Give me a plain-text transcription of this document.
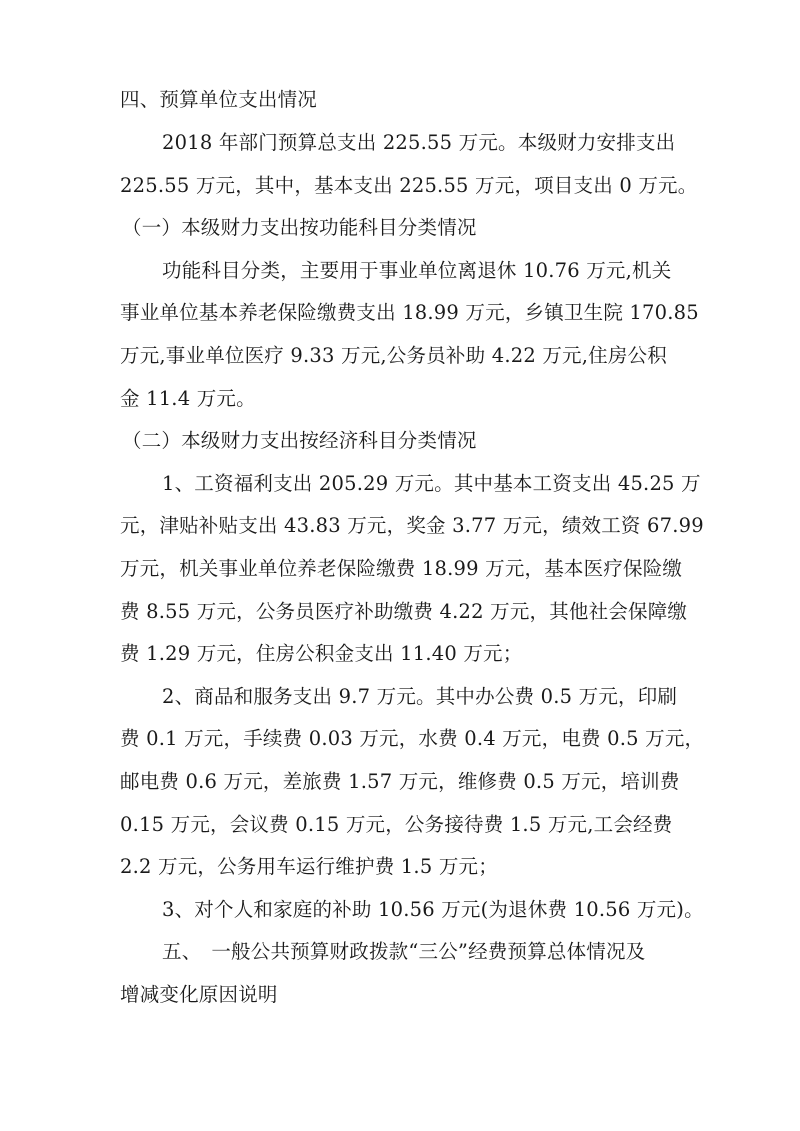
四、预算单位支出情况
2018 年部门预算总支出 225.55 万元。本级财力安排支出
225.55 万元，其中，基本支出 225.55 万元，项目支出 0 万元。
（一）本级财力支出按功能科目分类情况
功能科目分类，主要用于事业单位离退休 10.76 万元,机关
事业单位基本养老保险缴费支出 18.99 万元，乡镇卫生院 170.85
万元,事业单位医疗 9.33 万元,公务员补助 4.22 万元,住房公积
金 11.4 万元。
（二）本级财力支出按经济科目分类情况
1、工资福利支出 205.29 万元。其中基本工资支出 45.25 万
元，津贴补贴支出 43.83 万元，奖金 3.77 万元，绩效工资 67.99
万元，机关事业单位养老保险缴费 18.99 万元，基本医疗保险缴
费 8.55 万元，公务员医疗补助缴费 4.22 万元，其他社会保障缴
费 1.29 万元，住房公积金支出 11.40 万元；
2、商品和服务支出 9.7 万元。其中办公费 0.5 万元，印刷
费 0.1 万元，手续费 0.03 万元，水费 0.4 万元，电费 0.5 万元，
邮电费 0.6 万元，差旅费 1.57 万元，维修费 0.5 万元，培训费
0.15 万元，会议费 0.15 万元，公务接待费 1.5 万元,工会经费
2.2 万元，公务用车运行维护费 1.5 万元；
3、对个人和家庭的补助 10.56 万元(为退休费 10.56 万元)。
五、　一般公共预算财政拨款“三公”经费预算总体情况及
增减变化原因说明
